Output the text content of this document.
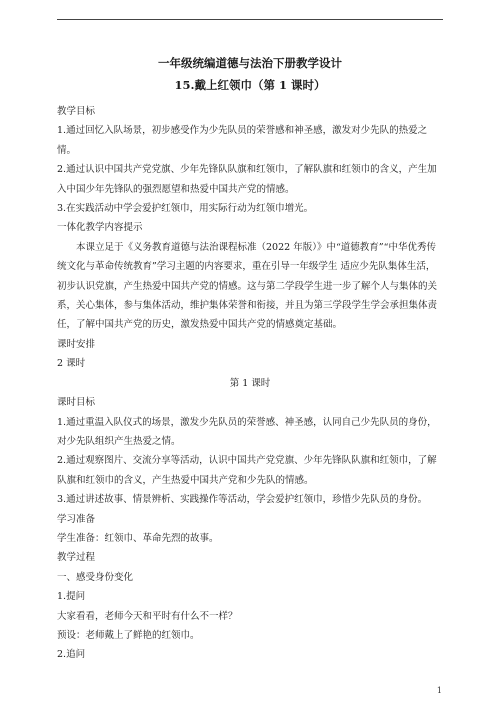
一年级统编道德与法治下册教学设计
15.戴上红领巾（第 1 课时）
教学目标
1.通过回忆入队场景，初步感受作为少先队员的荣誉感和神圣感，激发对少先队的热爱之情。
2.通过认识中国共产党党旗、少年先锋队队旗和红领巾，了解队旗和红领巾的含义，产生加入中国少年先锋队的强烈愿望和热爱中国共产党的情感。
3.在实践活动中学会爱护红领巾，用实际行动为红领巾增光。
一体化教学内容提示
本课立足于《义务教育道德与法治课程标准（2022 年版）》中“道德教育”“中华优秀传统文化与革命传统教育”学习主题的内容要求，重在引导一年级学生 适应少先队集体生活，初步认识党旗，产生热爱中国共产党的情感。这与第二学段学生进一步了解个人与集体的关系，关心集体，参与集体活动，维护集体荣誉和衔接，并且为第三学段学生学会承担集体责任，了解中国共产党的历史，激发热爱中国共产党的情感奠定基础。
课时安排
2 课时
第 1 课时
课时目标
1.通过重温入队仪式的场景，激发少先队员的荣誉感、神圣感，认同自己少先队员的身份，对少先队组织产生热爱之情。
2.通过观察图片、交流分享等活动，认识中国共产党党旗、少年先锋队队旗和红领巾，了解队旗和红领巾的含义，产生热爱中国共产党和少先队的情感。
3.通过讲述故事、情景辨析、实践操作等活动，学会爱护红领巾，珍惜少先队员的身份。
学习准备
学生准备：红领巾、革命先烈的故事。
教学过程
一、感受身份变化
1.提问
大家看看，老师今天和平时有什么不一样？
预设：老师戴上了鲜艳的红领巾。
2.追问
1
